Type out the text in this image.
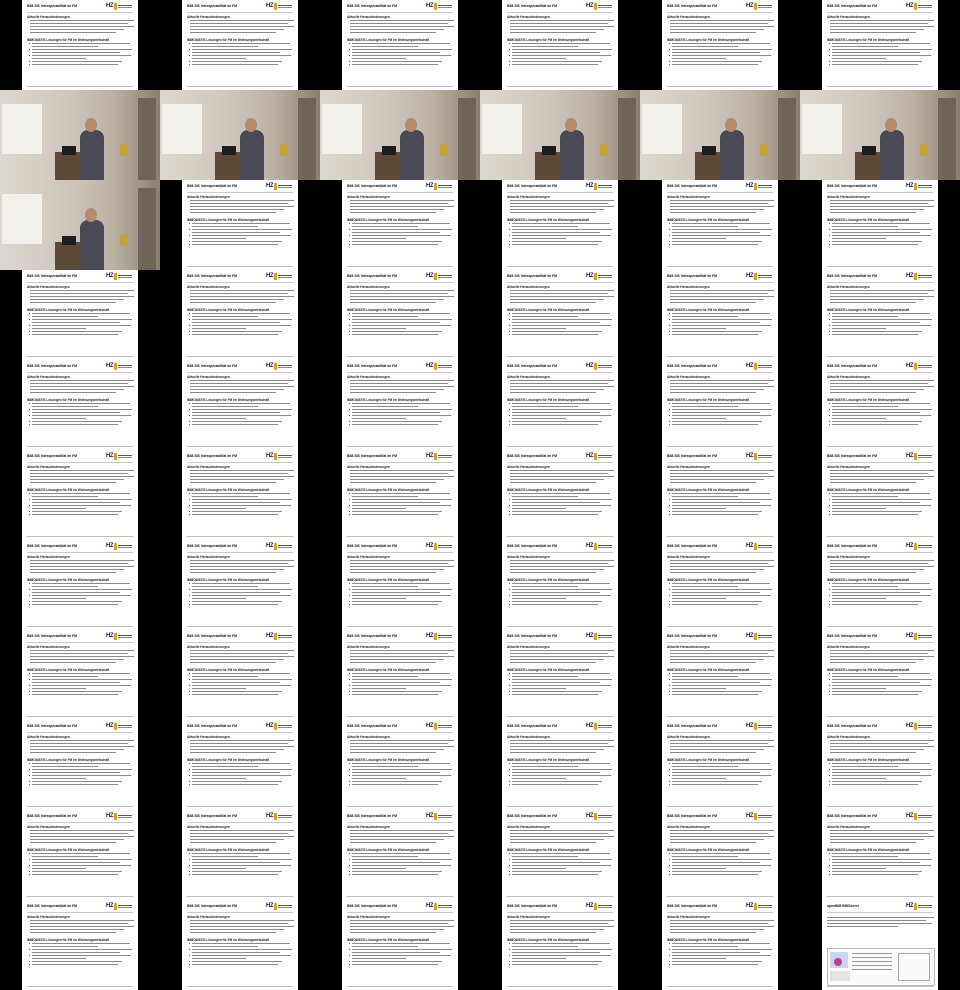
BIM-SIS Interoperabilität im FM	HZ
Aktuelle Herausforderungen
IMMOWATIS Lösungen für FM im Wohnungswirtschaft
BIM-SIS Interoperabilität im FM	HZ
Aktuelle Herausforderungen
IMMOWATIS Lösungen für FM im Wohnungswirtschaft
BIM-SIS Interoperabilität im FM	HZ
Aktuelle Herausforderungen
IMMOWATIS Lösungen für FM im Wohnungswirtschaft
BIM-SIS Interoperabilität im FM	HZ
Aktuelle Herausforderungen
IMMOWATIS Lösungen für FM im Wohnungswirtschaft
BIM-SIS Interoperabilität im FM	HZ
Aktuelle Herausforderungen
IMMOWATIS Lösungen für FM im Wohnungswirtschaft
BIM-SIS Interoperabilität im FM	HZ
Aktuelle Herausforderungen
IMMOWATIS Lösungen für FM im Wohnungswirtschaft
BIM-SIS Interoperabilität im FM	HZ
Aktuelle Herausforderungen
IMMOWATIS Lösungen für FM im Wohnungswirtschaft
BIM-SIS Interoperabilität im FM	HZ
Aktuelle Herausforderungen
IMMOWATIS Lösungen für FM im Wohnungswirtschaft
BIM-SIS Interoperabilität im FM	HZ
Aktuelle Herausforderungen
IMMOWATIS Lösungen für FM im Wohnungswirtschaft
BIM-SIS Interoperabilität im FM	HZ
Aktuelle Herausforderungen
IMMOWATIS Lösungen für FM im Wohnungswirtschaft
BIM-SIS Interoperabilität im FM	HZ
Aktuelle Herausforderungen
IMMOWATIS Lösungen für FM im Wohnungswirtschaft
BIM-SIS Interoperabilität im FM	HZ
Aktuelle Herausforderungen
IMMOWATIS Lösungen für FM im Wohnungswirtschaft
BIM-SIS Interoperabilität im FM	HZ
Aktuelle Herausforderungen
IMMOWATIS Lösungen für FM im Wohnungswirtschaft
BIM-SIS Interoperabilität im FM	HZ
Aktuelle Herausforderungen
IMMOWATIS Lösungen für FM im Wohnungswirtschaft
BIM-SIS Interoperabilität im FM	HZ
Aktuelle Herausforderungen
IMMOWATIS Lösungen für FM im Wohnungswirtschaft
BIM-SIS Interoperabilität im FM	HZ
Aktuelle Herausforderungen
IMMOWATIS Lösungen für FM im Wohnungswirtschaft
BIM-SIS Interoperabilität im FM	HZ
Aktuelle Herausforderungen
IMMOWATIS Lösungen für FM im Wohnungswirtschaft
BIM-SIS Interoperabilität im FM	HZ
Aktuelle Herausforderungen
IMMOWATIS Lösungen für FM im Wohnungswirtschaft
BIM-SIS Interoperabilität im FM	HZ
Aktuelle Herausforderungen
IMMOWATIS Lösungen für FM im Wohnungswirtschaft
BIM-SIS Interoperabilität im FM	HZ
Aktuelle Herausforderungen
IMMOWATIS Lösungen für FM im Wohnungswirtschaft
BIM-SIS Interoperabilität im FM	HZ
Aktuelle Herausforderungen
IMMOWATIS Lösungen für FM im Wohnungswirtschaft
BIM-SIS Interoperabilität im FM	HZ
Aktuelle Herausforderungen
IMMOWATIS Lösungen für FM im Wohnungswirtschaft
BIM-SIS Interoperabilität im FM	HZ
Aktuelle Herausforderungen
IMMOWATIS Lösungen für FM im Wohnungswirtschaft
BIM-SIS Interoperabilität im FM	HZ
Aktuelle Herausforderungen
IMMOWATIS Lösungen für FM im Wohnungswirtschaft
BIM-SIS Interoperabilität im FM	HZ
Aktuelle Herausforderungen
IMMOWATIS Lösungen für FM im Wohnungswirtschaft
BIM-SIS Interoperabilität im FM	HZ
Aktuelle Herausforderungen
IMMOWATIS Lösungen für FM im Wohnungswirtschaft
BIM-SIS Interoperabilität im FM	HZ
Aktuelle Herausforderungen
IMMOWATIS Lösungen für FM im Wohnungswirtschaft
BIM-SIS Interoperabilität im FM	HZ
Aktuelle Herausforderungen
IMMOWATIS Lösungen für FM im Wohnungswirtschaft
BIM-SIS Interoperabilität im FM	HZ
Aktuelle Herausforderungen
IMMOWATIS Lösungen für FM im Wohnungswirtschaft
BIM-SIS Interoperabilität im FM	HZ
Aktuelle Herausforderungen
IMMOWATIS Lösungen für FM im Wohnungswirtschaft
BIM-SIS Interoperabilität im FM	HZ
Aktuelle Herausforderungen
IMMOWATIS Lösungen für FM im Wohnungswirtschaft
BIM-SIS Interoperabilität im FM	HZ
Aktuelle Herausforderungen
IMMOWATIS Lösungen für FM im Wohnungswirtschaft
BIM-SIS Interoperabilität im FM	HZ
Aktuelle Herausforderungen
IMMOWATIS Lösungen für FM im Wohnungswirtschaft
BIM-SIS Interoperabilität im FM	HZ
Aktuelle Herausforderungen
IMMOWATIS Lösungen für FM im Wohnungswirtschaft
BIM-SIS Interoperabilität im FM	HZ
Aktuelle Herausforderungen
IMMOWATIS Lösungen für FM im Wohnungswirtschaft
BIM-SIS Interoperabilität im FM	HZ
Aktuelle Herausforderungen
IMMOWATIS Lösungen für FM im Wohnungswirtschaft
BIM-SIS Interoperabilität im FM	HZ
Aktuelle Herausforderungen
IMMOWATIS Lösungen für FM im Wohnungswirtschaft
BIM-SIS Interoperabilität im FM	HZ
Aktuelle Herausforderungen
IMMOWATIS Lösungen für FM im Wohnungswirtschaft
BIM-SIS Interoperabilität im FM	HZ
Aktuelle Herausforderungen
IMMOWATIS Lösungen für FM im Wohnungswirtschaft
BIM-SIS Interoperabilität im FM	HZ
Aktuelle Herausforderungen
IMMOWATIS Lösungen für FM im Wohnungswirtschaft
BIM-SIS Interoperabilität im FM	HZ
Aktuelle Herausforderungen
IMMOWATIS Lösungen für FM im Wohnungswirtschaft
BIM-SIS Interoperabilität im FM	HZ
Aktuelle Herausforderungen
IMMOWATIS Lösungen für FM im Wohnungswirtschaft
BIM-SIS Interoperabilität im FM	HZ
Aktuelle Herausforderungen
IMMOWATIS Lösungen für FM im Wohnungswirtschaft
BIM-SIS Interoperabilität im FM	HZ
Aktuelle Herausforderungen
IMMOWATIS Lösungen für FM im Wohnungswirtschaft
BIM-SIS Interoperabilität im FM	HZ
Aktuelle Herausforderungen
IMMOWATIS Lösungen für FM im Wohnungswirtschaft
BIM-SIS Interoperabilität im FM	HZ
Aktuelle Herausforderungen
IMMOWATIS Lösungen für FM im Wohnungswirtschaft
BIM-SIS Interoperabilität im FM	HZ
Aktuelle Herausforderungen
IMMOWATIS Lösungen für FM im Wohnungswirtschaft
BIM-SIS Interoperabilität im FM	HZ
Aktuelle Herausforderungen
IMMOWATIS Lösungen für FM im Wohnungswirtschaft
BIM-SIS Interoperabilität im FM	HZ
Aktuelle Herausforderungen
IMMOWATIS Lösungen für FM im Wohnungswirtschaft
BIM-SIS Interoperabilität im FM	HZ
Aktuelle Herausforderungen
IMMOWATIS Lösungen für FM im Wohnungswirtschaft
BIM-SIS Interoperabilität im FM	HZ
Aktuelle Herausforderungen
IMMOWATIS Lösungen für FM im Wohnungswirtschaft
BIM-SIS Interoperabilität im FM	HZ
Aktuelle Herausforderungen
IMMOWATIS Lösungen für FM im Wohnungswirtschaft
BIM-SIS Interoperabilität im FM	HZ
Aktuelle Herausforderungen
IMMOWATIS Lösungen für FM im Wohnungswirtschaft
BIM-SIS Interoperabilität im FM	HZ
Aktuelle Herausforderungen
IMMOWATIS Lösungen für FM im Wohnungswirtschaft
BIM-SIS Interoperabilität im FM	HZ
Aktuelle Herausforderungen
IMMOWATIS Lösungen für FM im Wohnungswirtschaft
BIM-SIS Interoperabilität im FM	HZ
Aktuelle Herausforderungen
IMMOWATIS Lösungen für FM im Wohnungswirtschaft
BIM-SIS Interoperabilität im FM	HZ
Aktuelle Herausforderungen
IMMOWATIS Lösungen für FM im Wohnungswirtschaft
BIM-SIS Interoperabilität im FM	HZ
Aktuelle Herausforderungen
IMMOWATIS Lösungen für FM im Wohnungswirtschaft
openBIM BIMServer	HZ
